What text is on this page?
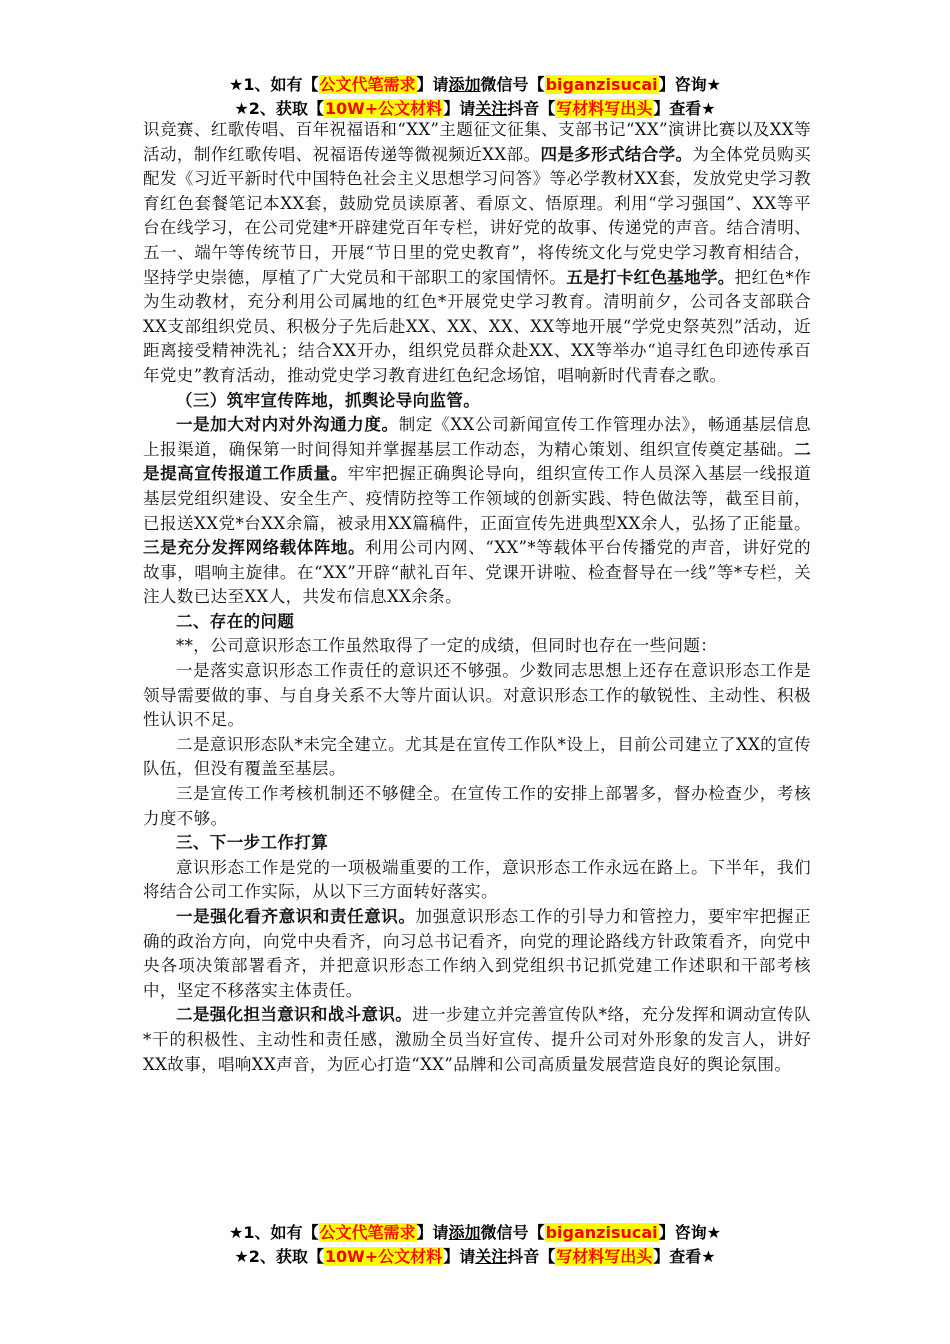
★1、如有【公文代笔需求】请添加微信号【biganzisucai】咨询★
★2、获取【10W+公文材料】请关注抖音【写材料写出头】查看★

识竞赛、红歌传唱、百年祝福语和“XX”主题征文征集、支部书记“XX”演讲比赛以及XX等活动，制作红歌传唱、祝福语传递等微视频近XX部。四是多形式结合学。为全体党员购买配发《习近平新时代中国特色社会主义思想学习问答》等必学教材XX套，发放党史学习教育红色套餐笔记本XX套，鼓励党员读原著、看原文、悟原理。利用“学习强国”、XX等平台在线学习，在公司党建*开辟建党百年专栏，讲好党的故事、传递党的声音。结合清明、五一、端午等传统节日，开展“节日里的党史教育”，将传统文化与党史学习教育相结合，坚持学史崇德，厚植了广大党员和干部职工的家国情怀。五是打卡红色基地学。把红色*作为生动教材，充分利用公司属地的红色*开展党史学习教育。清明前夕，公司各支部联合XX支部组织党员、积极分子先后赴XX、XX、XX、XX等地开展“学党史祭英烈”活动，近距离接受精神洗礼；结合XX开办，组织党员群众赴XX、XX等举办“追寻红色印迹传承百年党史”教育活动，推动党史学习教育进红色纪念场馆，唱响新时代青春之歌。

（三）筑牢宣传阵地，抓舆论导向监管。

一是加大对内对外沟通力度。制定《XX公司新闻宣传工作管理办法》，畅通基层信息上报渠道，确保第一时间得知并掌握基层工作动态，为精心策划、组织宣传奠定基础。二是提高宣传报道工作质量。牢牢把握正确舆论导向，组织宣传工作人员深入基层一线报道基层党组织建设、安全生产、疫情防控等工作领域的创新实践、特色做法等，截至目前，已报送XX党*台XX余篇，被录用XX篇稿件，正面宣传先进典型XX余人，弘扬了正能量。三是充分发挥网络载体阵地。利用公司内网、“XX”*等载体平台传播党的声音，讲好党的故事，唱响主旋律。在“XX”开辟“献礼百年、党课开讲啦、检查督导在一线”等*专栏，关注人数已达至XX人，共发布信息XX余条。

二、存在的问题

**，公司意识形态工作虽然取得了一定的成绩，但同时也存在一些问题：

一是落实意识形态工作责任的意识还不够强。少数同志思想上还存在意识形态工作是领导需要做的事、与自身关系不大等片面认识。对意识形态工作的敏锐性、主动性、积极性认识不足。

二是意识形态队*未完全建立。尤其是在宣传工作队*设上，目前公司建立了XX的宣传队伍，但没有覆盖至基层。

三是宣传工作考核机制还不够健全。在宣传工作的安排上部署多，督办检查少，考核力度不够。

三、下一步工作打算

意识形态工作是党的一项极端重要的工作，意识形态工作永远在路上。下半年，我们将结合公司工作实际，从以下三方面转好落实。

一是强化看齐意识和责任意识。加强意识形态工作的引导力和管控力，要牢牢把握正确的政治方向，向党中央看齐，向习总书记看齐，向党的理论路线方针政策看齐，向党中央各项决策部署看齐，并把意识形态工作纳入到党组织书记抓党建工作述职和干部考核中，坚定不移落实主体责任。

二是强化担当意识和战斗意识。进一步建立并完善宣传队*络，充分发挥和调动宣传队*干的积极性、主动性和责任感，激励全员当好宣传、提升公司对外形象的发言人，讲好XX故事，唱响XX声音，为匠心打造“XX”品牌和公司高质量发展营造良好的舆论氛围。

★1、如有【公文代笔需求】请添加微信号【biganzisucai】咨询★
★2、获取【10W+公文材料】请关注抖音【写材料写出头】查看★
